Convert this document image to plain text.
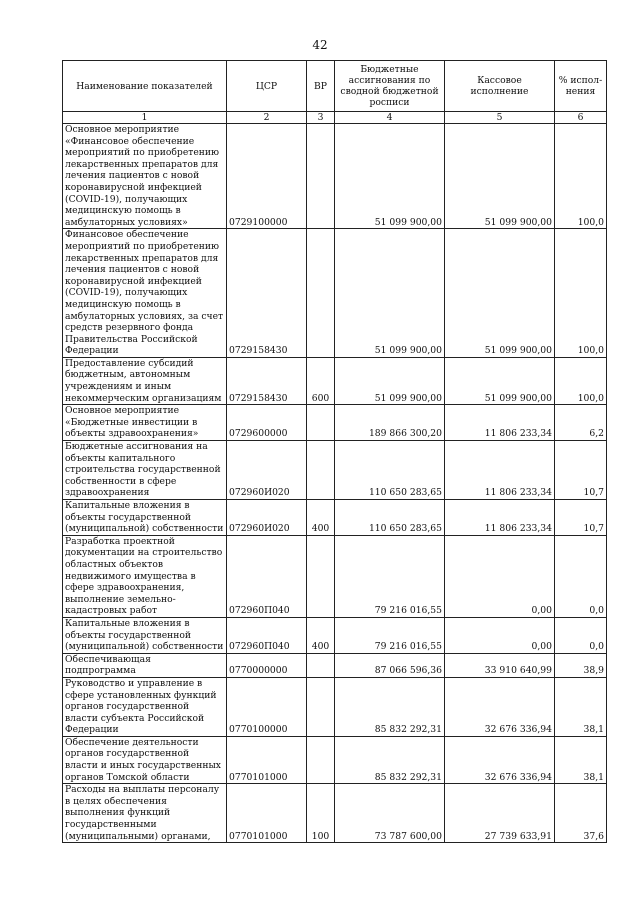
42
Наименование показателей	ЦСР	ВР	Бюджетные ассигнования по сводной бюджетной росписи	Кассовое исполнение	% испол- нения
1	2	3	4	5	6
Основное мероприятие «Финансовое обеспечение мероприятий по приобретению лекарственных препаратов для лечения пациентов с новой коронавирусной инфекцией (COVID-19), получающих медицинскую помощь в амбулаторных условиях»	0729100000		51 099 900,00	51 099 900,00	100,0
Финансовое обеспечение мероприятий по приобретению лекарственных препаратов для лечения пациентов с новой коронавирусной инфекцией (COVID-19), получающих медицинскую помощь в амбулаторных условиях, за счет средств резервного фонда Правительства Российской Федерации	0729158430		51 099 900,00	51 099 900,00	100,0
Предоставление субсидий бюджетным, автономным учреждениям и иным некоммерческим организациям	0729158430	600	51 099 900,00	51 099 900,00	100,0
Основное мероприятие «Бюджетные инвестиции в объекты здравоохранения»	0729600000		189 866 300,20	11 806 233,34	6,2
Бюджетные ассигнования на объекты капитального строительства государственной собственности в сфере здравоохранения	072960И020		110 650 283,65	11 806 233,34	10,7
Капитальные вложения в объекты государственной (муниципальной) собственности	072960И020	400	110 650 283,65	11 806 233,34	10,7
Разработка проектной документации на строительство областных объектов недвижимого имущества в сфере здравоохранения, выполнение земельно-кадастровых работ	072960П040		79 216 016,55	0,00	0,0
Капитальные вложения в объекты государственной (муниципальной) собственности	072960П040	400	79 216 016,55	0,00	0,0
Обеспечивающая подпрограмма	0770000000		87 066 596,36	33 910 640,99	38,9
Руководство и управление в сфере установленных функций органов государственной власти субъекта Российской Федерации	0770100000		85 832 292,31	32 676 336,94	38,1
Обеспечение деятельности органов государственной власти и иных государственных органов Томской области	0770101000		85 832 292,31	32 676 336,94	38,1
Расходы на выплаты персоналу в целях обеспечения выполнения функций государственными (муниципальными) органами,	0770101000	100	73 787 600,00	27 739 633,91	37,6
